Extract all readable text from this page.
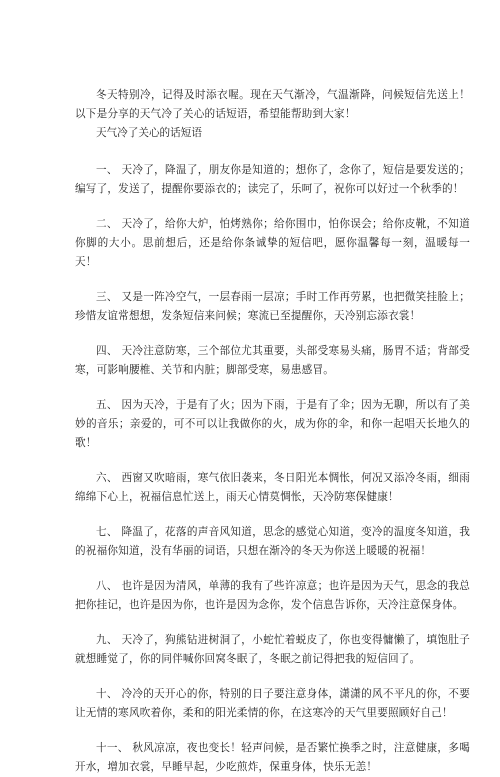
冬天特别冷，记得及时添衣喔。现在天气渐冷，气温渐降，问候短信先送上！以下是分享的天气冷了关心的话短语，希望能帮助到大家！

天气冷了关心的话短语

一、 天冷了，降温了，朋友你是知道的；想你了，念你了，短信是要发送的；编写了，发送了，提醒你要添衣的；读完了，乐呵了，祝你可以好过一个秋季的！

二、 天冷了，给你大炉，怕烤熟你；给你围巾，怕你误会；给你皮靴，不知道你脚的大小。思前想后，还是给你条诚挚的短信吧，愿你温馨每一刻，温暖每一天！

三、 又是一阵冷空气，一层春雨一层凉；手时工作再劳累，也把微笑挂脸上；珍惜友谊常想想，发条短信来问候；寒流已至提醒你，天冷别忘添衣裳！

四、 天冷注意防寒，三个部位尤其重要，头部受寒易头痛，肠胃不适；背部受寒，可影响腰椎、关节和内脏；脚部受寒，易患感冒。

五、 因为天冷，于是有了火；因为下雨，于是有了伞；因为无聊，所以有了美妙的音乐；亲爱的，可不可以让我做你的火，成为你的伞，和你一起唱天长地久的歌！

六、 西窗又吹暗雨，寒气依旧袭来，冬日阳光本惆怅，何况又添冷冬雨，细雨绵绵下心上，祝福信息忙送上，雨天心情莫惆怅，天冷防寒保健康！

七、 降温了，花落的声音风知道，思念的感觉心知道，变冷的温度冬知道，我的祝福你知道，没有华丽的词语，只想在渐冷的冬天为你送上暖暖的祝福！

八、 也许是因为清风，单薄的我有了些许凉意；也许是因为天气，思念的我总把你挂记，也许是因为你，也许是因为念你，发个信息告诉你，天冷注意保身体。

九、 天冷了，狗熊钻进树洞了，小蛇忙着蜕皮了，你也变得慵懒了，填饱肚子就想睡觉了，你的同伴喊你回窝冬眠了，冬眠之前记得把我的短信回了。

十、 冷冷的天开心的你，特别的日子要注意身体，潇潇的风不平凡的你，不要让无情的寒风吹着你，柔和的阳光柔情的你，在这寒冷的天气里要照顾好自己！

十一、 秋风凉凉，夜也变长！轻声问候，是否繁忙换季之时，注意健康，多喝开水，增加衣裳，早睡早起，少吃煎炸，保重身体，快乐无恙！
